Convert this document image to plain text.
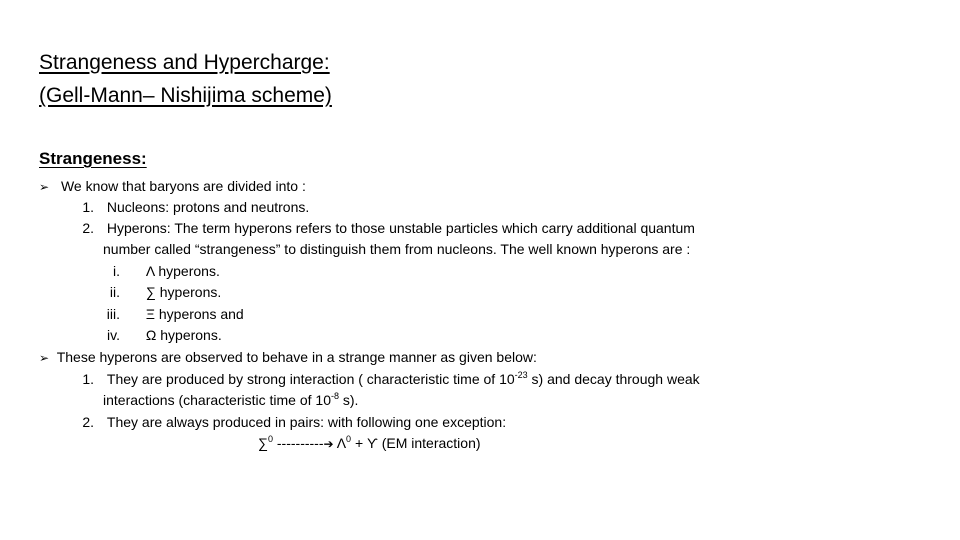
Strangeness and Hypercharge:
(Gell-Mann– Nishijima scheme)
Strangeness:
➢ We know that baryons are divided into :
1. Nucleons: protons and neutrons.
2. Hyperons: The term hyperons refers to those unstable particles which carry additional quantum
number called “strangeness” to distinguish them from nucleons. The well known hyperons are :
i. Λ hyperons.
ii. ∑ hyperons.
iii. Ξ hyperons and
iv. Ω hyperons.
➢ These hyperons are observed to behave in a strange manner as given below:
1. They are produced by strong interaction ( characteristic time of $10^{-23}$ s) and decay through weak
interactions (characteristic time of $10^{-8}$ s).
2. They are always produced in pairs: with following one exception:
∑$^0$ ----------➔ $\Lambda^0 + ϒ$ (EM interaction)
